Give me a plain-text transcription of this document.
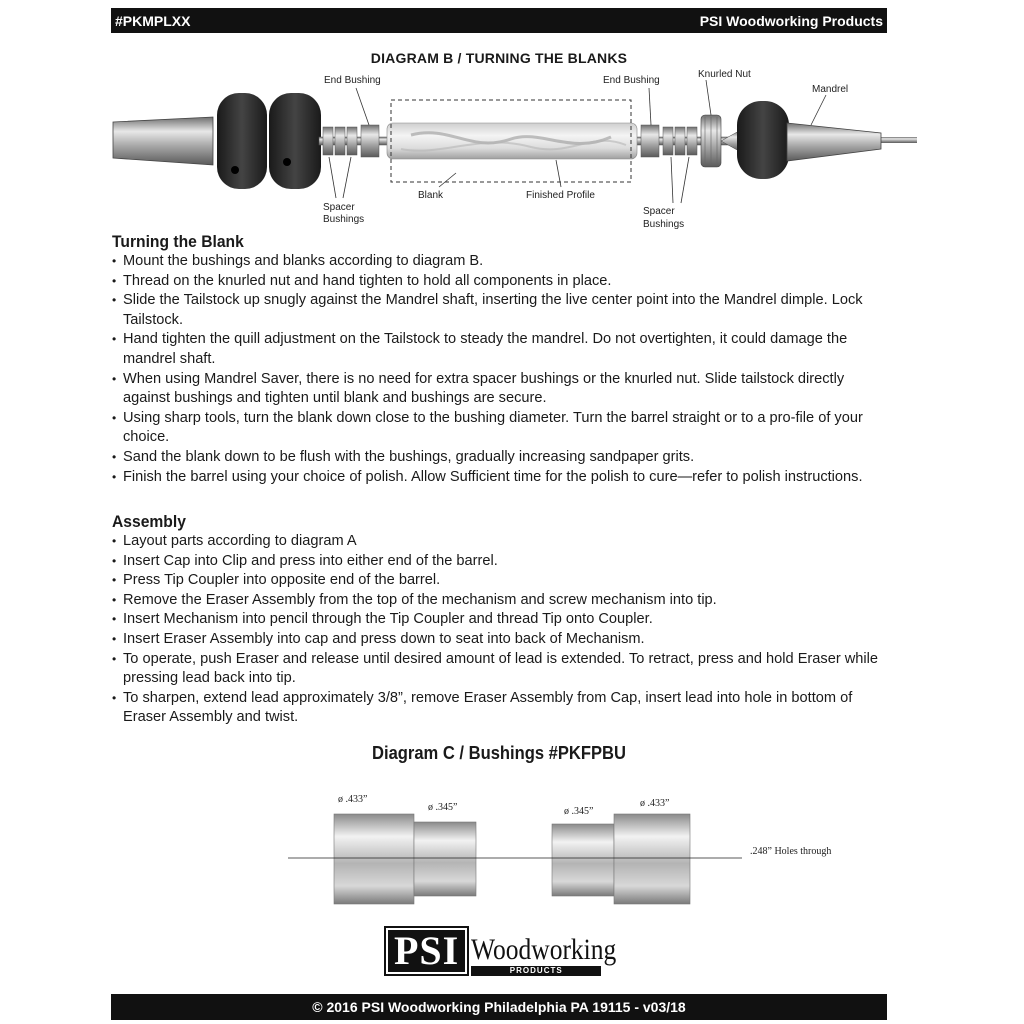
#PKMPLXX	PSI Woodworking Products
DIAGRAM B / TURNING THE BLANKS
End Bushing	End Bushing
Knurled Nut
Mandrel
Spacer
Bushings
Blank	Finished Profile
Spacer
Bushings
Turning the Blank
• Mount the bushings and blanks according to diagram B.
• Thread on the knurled nut and hand tighten to hold all components in place.
• Slide the Tailstock up snugly against the Mandrel shaft, inserting the live center point into the Mandrel dimple. Lock Tailstock.
• Hand tighten the quill adjustment on the Tailstock to steady the mandrel. Do not overtighten, it could damage the mandrel shaft.
• When using Mandrel Saver, there is no need for extra spacer bushings or the knurled nut. Slide tailstock directly against bushings and tighten until blank and bushings are secure.
• Using sharp tools, turn the blank down close to the bushing diameter. Turn the barrel straight or to a pro-file of your choice.
• Sand the blank down to be flush with the bushings, gradually increasing sandpaper grits.
• Finish the barrel using your choice of polish. Allow Sufficient time for the polish to cure—refer to polish instructions.
Assembly
• Layout parts according to diagram A
• Insert Cap into Clip and press into either end of the barrel.
• Press Tip Coupler into opposite end of the barrel.
• Remove the Eraser Assembly from the top of the mechanism and screw mechanism into tip.
• Insert Mechanism into pencil through the Tip Coupler and thread Tip onto Coupler.
• Insert Eraser Assembly into cap and press down to seat into back of Mechanism.
• To operate, push Eraser and release until desired amount of lead is extended. To retract, press and hold Eraser while pressing lead back into tip.
• To sharpen, extend lead approximately 3/8”, remove Eraser Assembly from Cap, insert lead into hole in bottom of Eraser Assembly and twist.
Diagram C / Bushings #PKFPBU
ø .433”
ø .345”	ø .345”
ø .433”
.248” Holes through
PSI Woodworking
PRODUCTS
© 2016 PSI Woodworking Philadelphia PA 19115 - v03/18
